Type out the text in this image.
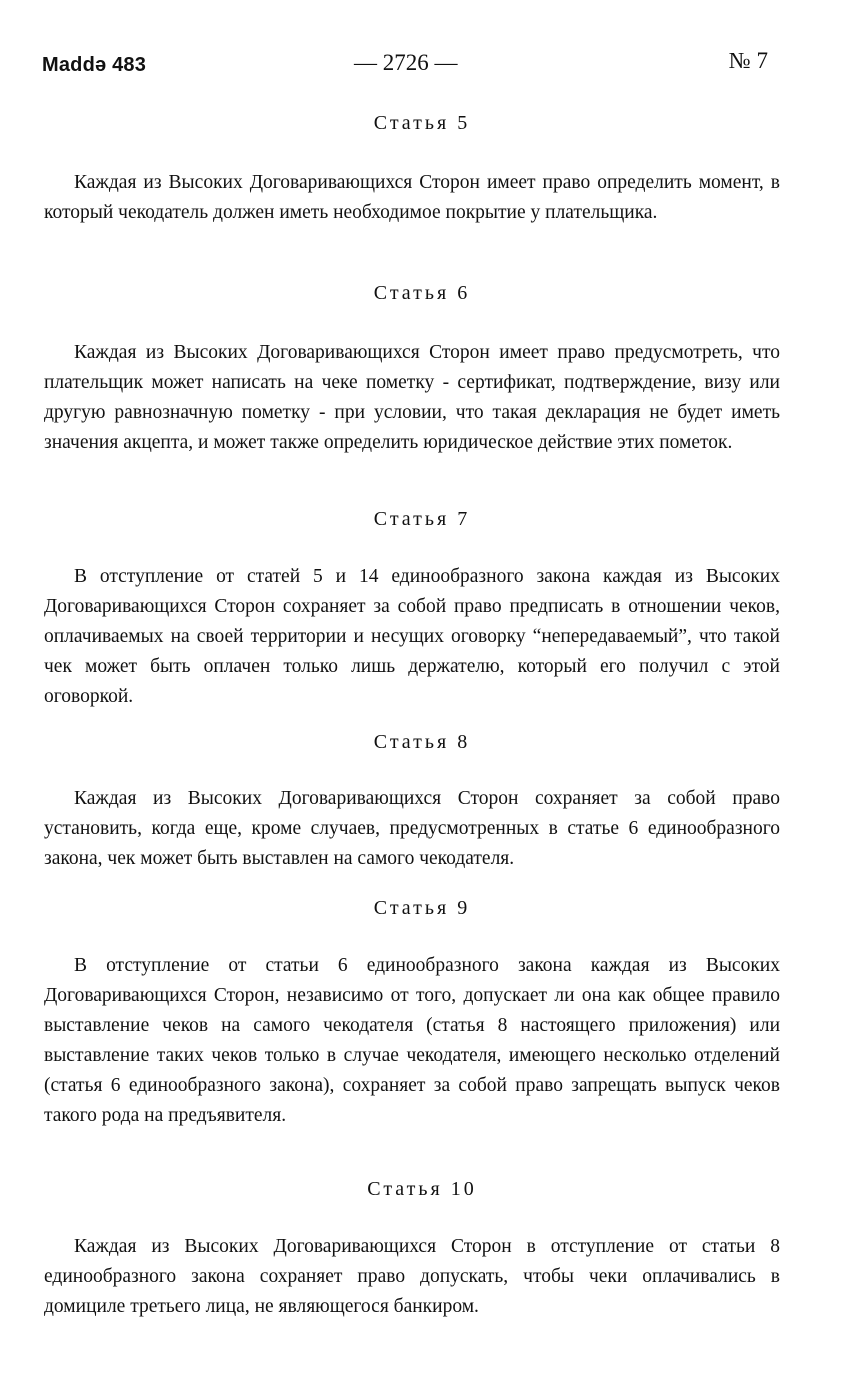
Maddə 483	— 2726 —	№ 7
Статья 5

Каждая из Высоких Договаривающихся Сторон имеет право определить момент, в который чекодатель должен иметь необходимое покрытие у плательщика.

Статья 6

Каждая из Высоких Договаривающихся Сторон имеет право предусмотреть, что плательщик может написать на чеке пометку - сертификат, подтверждение, визу или другую равнозначную пометку - при условии, что такая декларация не будет иметь значения акцепта, и может также определить юридическое действие этих пометок.

Статья 7

В отступление от статей 5 и 14 единообразного закона каждая из Высоких Договаривающихся Сторон сохраняет за собой право предписать в отношении чеков, оплачиваемых на своей территории и несущих оговорку “непередаваемый”, что такой чек может быть оплачен только лишь держателю, который его получил с этой оговоркой.

Статья 8

Каждая из Высоких Договаривающихся Сторон сохраняет за собой право установить, когда еще, кроме случаев, предусмотренных в статье 6 единообразного закона, чек может быть выставлен на самого чекодателя.

Статья 9

В отступление от статьи 6 единообразного закона каждая из Высоких Договаривающихся Сторон, независимо от того, допускает ли она как общее правило выставление чеков на самого чекодателя (статья 8 настоящего приложения) или выставление таких чеков только в случае чекодателя, имеющего несколько отделений (статья 6 единообразного закона), сохраняет за собой право запрещать выпуск чеков такого рода на предъявителя.

Статья 10

Каждая из Высоких Договаривающихся Сторон в отступление от статьи 8 единообразного закона сохраняет право допускать, чтобы чеки оплачивались в домициле третьего лица, не являющегося банкиром.
